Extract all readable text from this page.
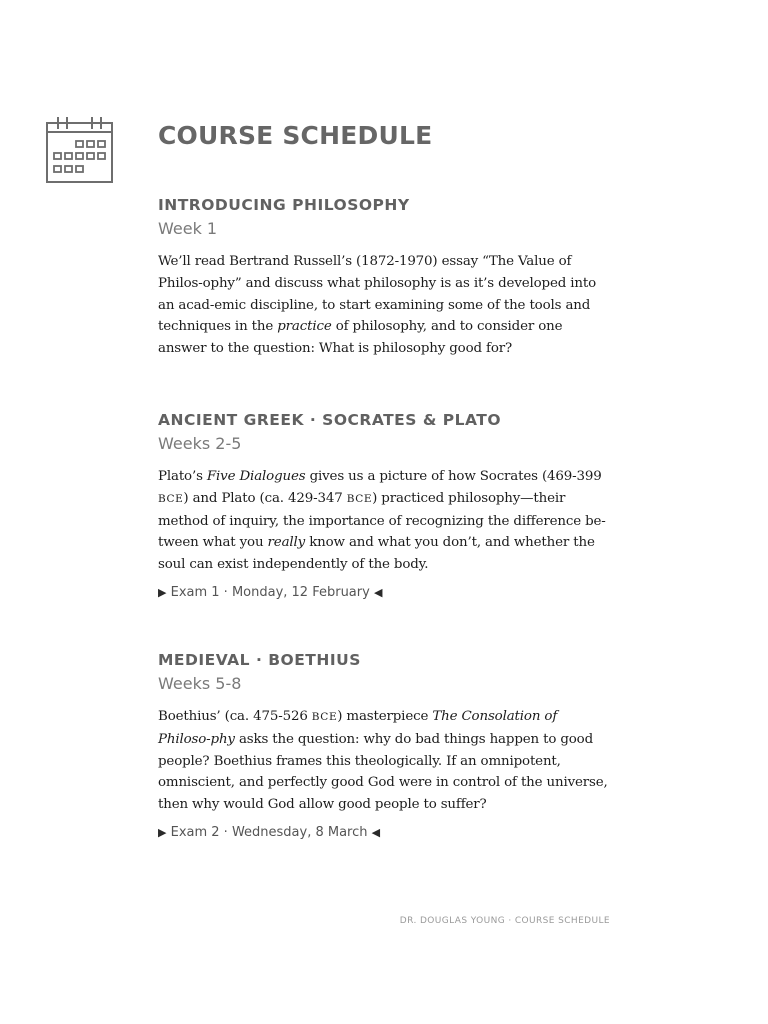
COURSE SCHEDULE
INTRODUCING PHILOSOPHY
Week 1

We’ll read Bertrand Russell’s (1872-1970) essay “The Value of Philos-ophy” and discuss what philosophy is as it’s developed into an acad-emic discipline, to start examining some of the tools and techniques in the practice of philosophy, and to consider one answer to the question: What is philosophy good for?

ANCIENT GREEK · SOCRATES & PLATO
Weeks 2-5

Plato’s Five Dialogues gives us a picture of how Socrates (469-399 BCE) and Plato (ca. 429-347 BCE) practiced philosophy—their method of inquiry, the importance of recognizing the difference be-tween what you really know and what you don’t, and whether the soul can exist independently of the body.

▶ Exam 1 · Monday, 12 February ◀
MEDIEVAL · BOETHIUS
Weeks 5-8

Boethius’ (ca. 475-526 BCE) masterpiece The Consolation of Philoso-phy asks the question: why do bad things happen to good people? Boethius frames this theologically. If an omnipotent, omniscient, and perfectly good God were in control of the universe, then why would God allow good people to suffer?

▶ Exam 2 · Wednesday, 8 March ◀
DR. DOUGLAS YOUNG · COURSE SCHEDULE
